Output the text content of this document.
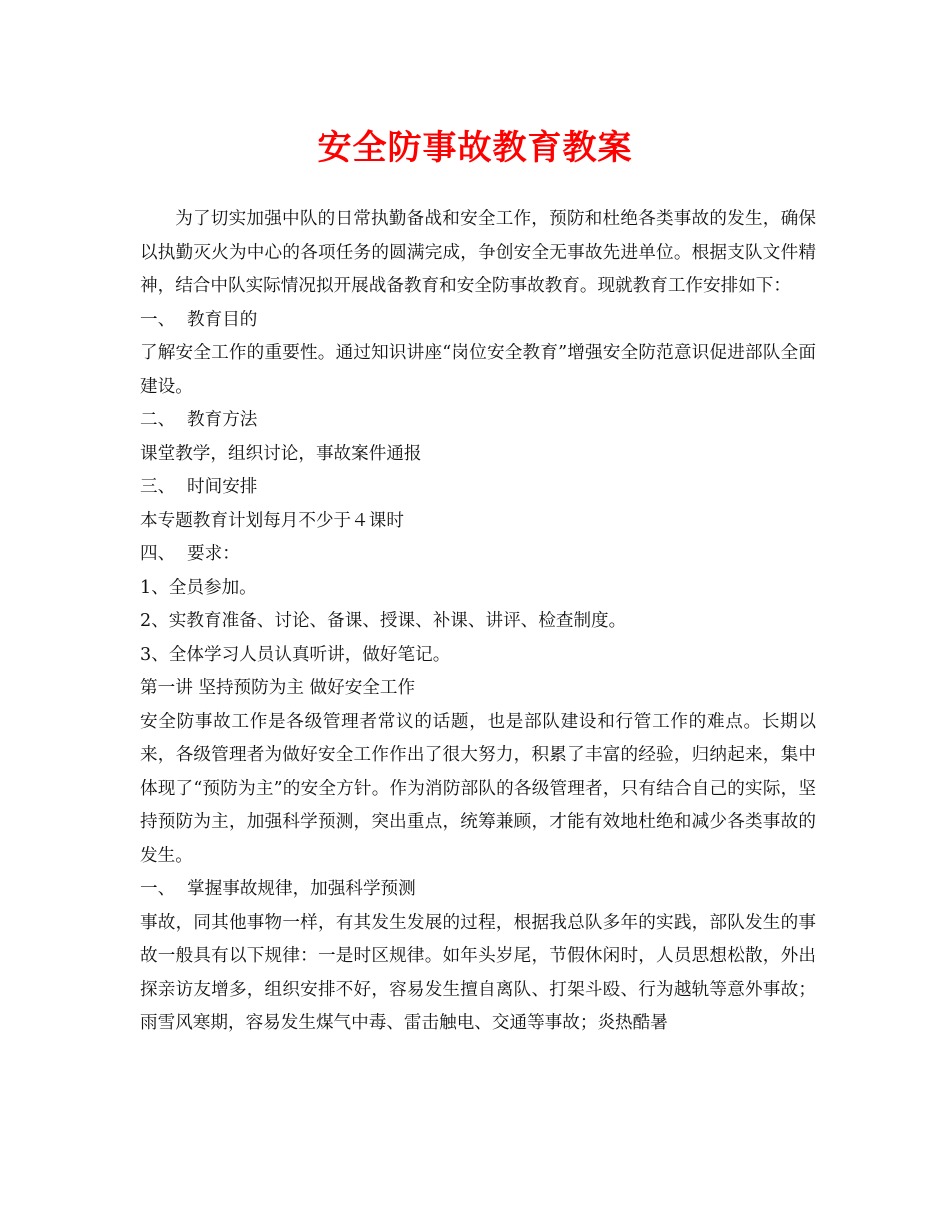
安全防事故教育教案

为了切实加强中队的日常执勤备战和安全工作，预防和杜绝各类事故的发生，确保以执勤灭火为中心的各项任务的圆满完成，争创安全无事故先进单位。根据支队文件精神，结合中队实际情况拟开展战备教育和安全防事故教育。现就教育工作安排如下：

一、 教育目的

了解安全工作的重要性。通过知识讲座“岗位安全教育”增强安全防范意识促进部队全面建设。

二、 教育方法

课堂教学，组织讨论，事故案件通报

三、 时间安排

本专题教育计划每月不少于４课时

四、 要求：

1、全员参加。

2、实教育准备、讨论、备课、授课、补课、讲评、检查制度。

3、全体学习人员认真听讲，做好笔记。

第一讲 坚持预防为主 做好安全工作

安全防事故工作是各级管理者常议的话题，也是部队建设和行管工作的难点。长期以来，各级管理者为做好安全工作作出了很大努力，积累了丰富的经验，归纳起来，集中体现了“预防为主”的安全方针。作为消防部队的各级管理者，只有结合自己的实际，坚持预防为主，加强科学预测，突出重点，统筹兼顾，才能有效地杜绝和减少各类事故的发生。

一、 掌握事故规律，加强科学预测

事故，同其他事物一样，有其发生发展的过程，根据我总队多年的实践，部队发生的事故一般具有以下规律：一是时区规律。如年头岁尾，节假休闲时，人员思想松散，外出探亲访友增多，组织安排不好，容易发生擅自离队、打架斗殴、行为越轨等意外事故；雨雪风寒期，容易发生煤气中毒、雷击触电、交通等事故；炎热酷暑
